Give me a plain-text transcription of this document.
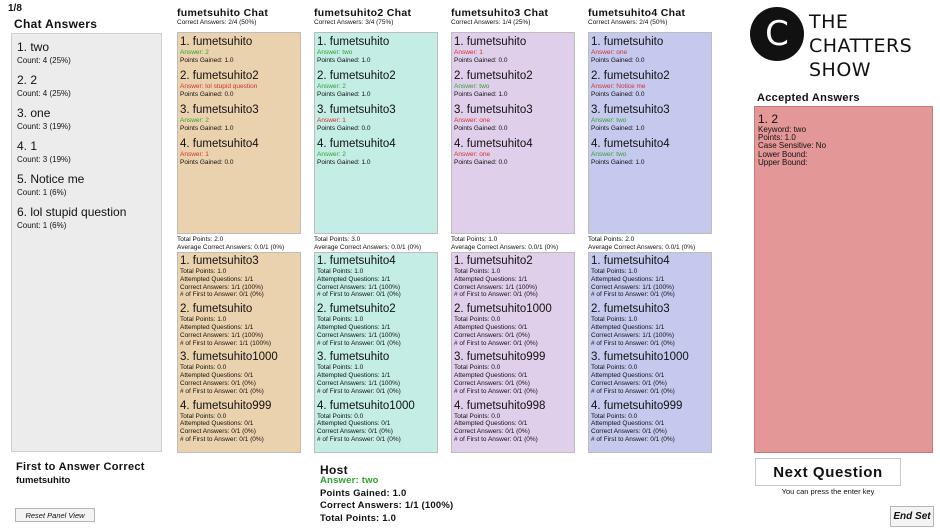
1/8
Chat Answers
1. two
Count: 4 (25%)
2. 2
Count: 4 (25%)
3. one
Count: 3 (19%)
4. 1
Count: 3 (19%)
5. Notice me
Count: 1 (6%)
6. lol stupid question
Count: 1 (6%)
fumetsuhito Chat
Correct Answers: 2/4 (50%)
1. fumetsuhito
Answer: 2
Points Gained: 1.0
2. fumetsuhito2
Answer: lol stupid question
Points Gained: 0.0
3. fumetsuhito3
Answer: 2
Points Gained: 1.0
4. fumetsuhito4
Answer: 1
Points Gained: 0.0
Total Points: 2.0
Average Correct Answers: 0.0/1 (0%)
1. fumetsuhito3
Total Points: 1.0
Attempted Questions: 1/1
Correct Answers: 1/1 (100%)
# of First to Answer: 0/1 (0%)
2. fumetsuhito
Total Points: 1.0
Attempted Questions: 1/1
Correct Answers: 1/1 (100%)
# of First to Answer: 1/1 (100%)
3. fumetsuhito1000
Total Points: 0.0
Attempted Questions: 0/1
Correct Answers: 0/1 (0%)
# of First to Answer: 0/1 (0%)
4. fumetsuhito999
Total Points: 0.0
Attempted Questions: 0/1
Correct Answers: 0/1 (0%)
# of First to Answer: 0/1 (0%)
fumetsuhito2 Chat
Correct Answers: 3/4 (75%)
1. fumetsuhito
Answer: two
Points Gained: 1.0
2. fumetsuhito2
Answer: 2
Points Gained: 1.0
3. fumetsuhito3
Answer: 1
Points Gained: 0.0
4. fumetsuhito4
Answer: 2
Points Gained: 1.0
Total Points: 3.0
Average Correct Answers: 0.0/1 (0%)
1. fumetsuhito4
Total Points: 1.0
Attempted Questions: 1/1
Correct Answers: 1/1 (100%)
# of First to Answer: 0/1 (0%)
2. fumetsuhito2
Total Points: 1.0
Attempted Questions: 1/1
Correct Answers: 1/1 (100%)
# of First to Answer: 0/1 (0%)
3. fumetsuhito
Total Points: 1.0
Attempted Questions: 1/1
Correct Answers: 1/1 (100%)
# of First to Answer: 0/1 (0%)
4. fumetsuhito1000
Total Points: 0.0
Attempted Questions: 0/1
Correct Answers: 0/1 (0%)
# of First to Answer: 0/1 (0%)
fumetsuhito3 Chat
Correct Answers: 1/4 (25%)
1. fumetsuhito
Answer: 1
Points Gained: 0.0
2. fumetsuhito2
Answer: two
Points Gained: 1.0
3. fumetsuhito3
Answer: one
Points Gained: 0.0
4. fumetsuhito4
Answer: one
Points Gained: 0.0
Total Points: 1.0
Average Correct Answers: 0.0/1 (0%)
1. fumetsuhito2
Total Points: 1.0
Attempted Questions: 1/1
Correct Answers: 1/1 (100%)
# of First to Answer: 0/1 (0%)
2. fumetsuhito1000
Total Points: 0.0
Attempted Questions: 0/1
Correct Answers: 0/1 (0%)
# of First to Answer: 0/1 (0%)
3. fumetsuhito999
Total Points: 0.0
Attempted Questions: 0/1
Correct Answers: 0/1 (0%)
# of First to Answer: 0/1 (0%)
4. fumetsuhito998
Total Points: 0.0
Attempted Questions: 0/1
Correct Answers: 0/1 (0%)
# of First to Answer: 0/1 (0%)
fumetsuhito4 Chat
Correct Answers: 2/4 (50%)
1. fumetsuhito
Answer: one
Points Gained: 0.0
2. fumetsuhito2
Answer: Notice me
Points Gained: 0.0
3. fumetsuhito3
Answer: two
Points Gained: 1.0
4. fumetsuhito4
Answer: two
Points Gained: 1.0
Total Points: 2.0
Average Correct Answers: 0.0/1 (0%)
1. fumetsuhito4
Total Points: 1.0
Attempted Questions: 1/1
Correct Answers: 1/1 (100%)
# of First to Answer: 0/1 (0%)
2. fumetsuhito3
Total Points: 1.0
Attempted Questions: 1/1
Correct Answers: 1/1 (100%)
# of First to Answer: 0/1 (0%)
3. fumetsuhito1000
Total Points: 0.0
Attempted Questions: 0/1
Correct Answers: 0/1 (0%)
# of First to Answer: 0/1 (0%)
4. fumetsuhito999
Total Points: 0.0
Attempted Questions: 0/1
Correct Answers: 0/1 (0%)
# of First to Answer: 0/1 (0%)
C THE
CHATTERS SHOW
Accepted Answers
1. 2
Keyword: two
Points: 1.0
Case Sensitive: No
Lower Bound:
Upper Bound:
Next Question
You can press the enter key
End Set
First to Answer Correct
fumetsuhito
Reset Panel View
Host
Answer: two
Points Gained: 1.0
Correct Answers: 1/1 (100%)
Total Points: 1.0
